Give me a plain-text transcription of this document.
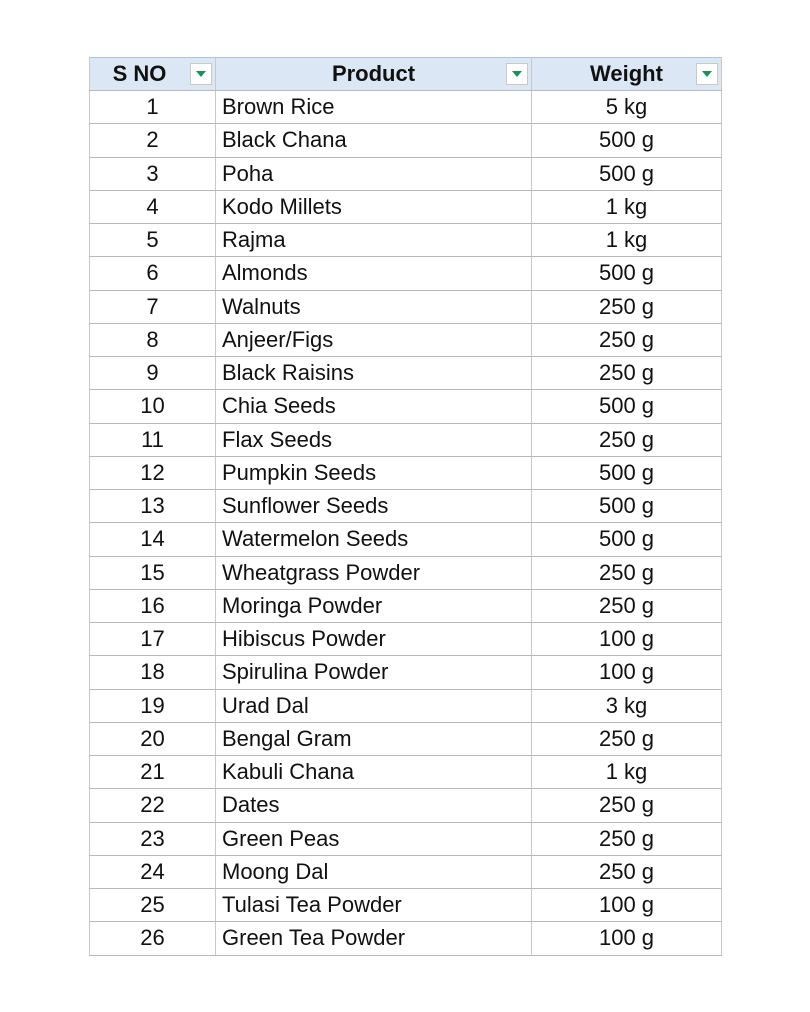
S NO	Product	Weight

1	Brown Rice	5 kg
2	Black Chana	500 g
3	Poha	500 g
4	Kodo Millets	1 kg
5	Rajma	1 kg
6	Almonds	500 g
7	Walnuts	250 g
8	Anjeer/Figs	250 g
9	Black Raisins	250 g
10	Chia Seeds	500 g
11	Flax Seeds	250 g
12	Pumpkin Seeds	500 g
13	Sunflower Seeds	500 g
14	Watermelon Seeds	500 g
15	Wheatgrass Powder	250 g
16	Moringa Powder	250 g
17	Hibiscus Powder	100 g
18	Spirulina Powder	100 g
19	Urad Dal	3 kg
20	Bengal Gram	250 g
21	Kabuli Chana	1 kg
22	Dates	250 g
23	Green Peas	250 g
24	Moong Dal	250 g
25	Tulasi Tea Powder	100 g
26	Green Tea Powder	100 g
